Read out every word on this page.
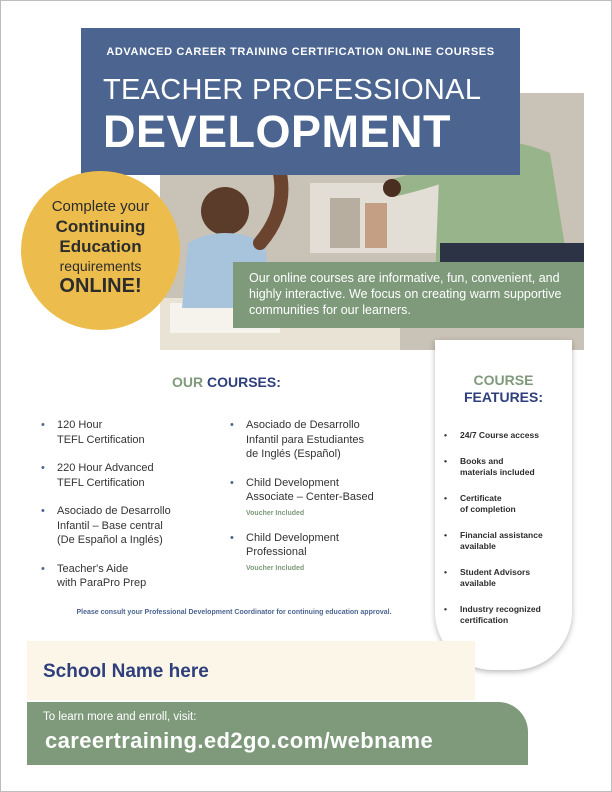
ADVANCED CAREER TRAINING CERTIFICATION ONLINE COURSES
TEACHER PROFESSIONAL
DEVELOPMENT
Complete your
Continuing
Education
requirements
ONLINE!	Our online courses are informative, fun, convenient, and highly interactive. We focus on creating warm supportive communities for our learners.
OUR COURSES:
• 120 Hour
TEFL Certification
• 220 Hour Advanced
TEFL Certification
• Asociado de Desarrollo
Infantil – Base central
(De Español a Inglés)
• Teacher's Aide
with ParaPro Prep
• Asociado de Desarrollo
Infantil para Estudiantes
de Inglés (Español)
• Child Development
Associate – Center-Based
Voucher Included
• Child Development
Professional
Voucher Included
Please consult your Professional Development Coordinator for continuing education approval.
COURSE
FEATURES:
• 24/7 Course access
• Books and
materials included
• Certificate
of completion
• Financial assistance
available
• Student Advisors
available
• Industry recognized
certification
School Name here
To learn more and enroll, visit:
careertraining.ed2go.com/webname
